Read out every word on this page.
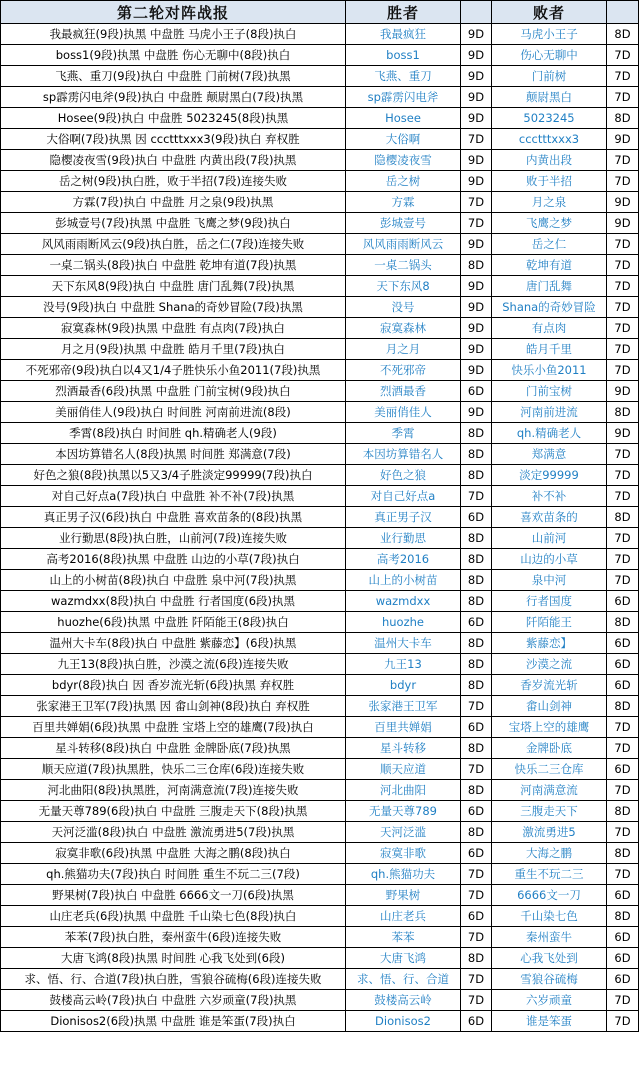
第二轮对阵战报	胜者		败者	
我最疯狂(9段)执黑 中盘胜 马虎小王子(8段)执白	我最疯狂	9D	马虎小王子	8D
boss1(9段)执黑 中盘胜 伤心无聊中(8段)执白	boss1	9D	伤心无聊中	7D
飞燕、重刀(9段)执白 中盘胜 门前树(7段)执黑	飞燕、重刀	9D	门前树	7D
sp霹雳闪电斧(9段)执白 中盘胜 颠尉黑白(7段)执黑	sp霹雳闪电斧	9D	颠尉黑白	7D
Hosee(9段)执白 中盘胜 5023245(8段)执黑	Hosee	9D	5023245	8D
大俗啊(7段)执黑 因 ccctttxxx3(9段)执白 弃权胜	大俗啊	7D	ccctttxxx3	9D
隐樱凌夜雪(9段)执白 中盘胜 内黄出段(7段)执黑	隐樱凌夜雪	9D	内黄出段	7D
岳之树(9段)执白胜，败于半招(7段)连接失败	岳之树	9D	败于半招	7D
方霖(7段)执白 中盘胜 月之泉(9段)执黑	方霖	7D	月之泉	9D
彭城壹号(7段)执黑 中盘胜 飞鹰之梦(9段)执白	彭城壹号	7D	飞鹰之梦	9D
风风雨雨断风云(9段)执白胜，岳之仁(7段)连接失败	风风雨雨断风云	9D	岳之仁	7D
一桌二锅头(8段)执白 中盘胜 乾坤有道(7段)执黑	一桌二锅头	8D	乾坤有道	7D
天下东风8(9段)执白 中盘胜 唐门乱舞(7段)执黑	天下东风8	9D	唐门乱舞	7D
没号(9段)执白 中盘胜 Shana的奇妙冒险(7段)执黑	没号	9D	Shana的奇妙冒险	7D
寂寞森林(9段)执黑 中盘胜 有点肉(7段)执白	寂寞森林	9D	有点肉	7D
月之月(9段)执黑 中盘胜 皓月千里(7段)执白	月之月	9D	皓月千里	7D
不死邪帝(9段)执白以4又1/4子胜快乐小鱼2011(7段)执黑	不死邪帝	9D	快乐小鱼2011	7D
烈酒最香(6段)执黑 中盘胜 门前宝树(9段)执白	烈酒最香	6D	门前宝树	9D
美丽俏佳人(9段)执白 时间胜 河南前进流(8段)	美丽俏佳人	9D	河南前进流	8D
季霄(8段)执白 时间胜 qh.精确老人(9段)	季霄	8D	qh.精确老人	9D
本因坊算错名人(8段)执黑 时间胜 郑满意(7段)	本因坊算错名人	8D	郑满意	7D
好色之狼(8段)执黑以5又3/4子胜淡定99999(7段)执白	好色之狼	8D	淡定99999	7D
对自己好点a(7段)执白 中盘胜 补不补(7段)执黑	对自己好点a	7D	补不补	7D
真正男子汉(6段)执白 中盘胜 喜欢苗条的(8段)执黑	真正男子汉	6D	喜欢苗条的	8D
业行勤思(8段)执白胜，山前河(7段)连接失败	业行勤思	8D	山前河	7D
高考2016(8段)执黑 中盘胜 山边的小草(7段)执白	高考2016	8D	山边的小草	7D
山上的小树苗(8段)执白 中盘胜 泉中河(7段)执黑	山上的小树苗	8D	泉中河	7D
wazmdxx(8段)执白 中盘胜 行者国度(6段)执黑	wazmdxx	8D	行者国度	6D
huozhe(6段)执黑 中盘胜 阡陌能王(8段)执白	huozhe	6D	阡陌能王	8D
温州大卡车(8段)执白 中盘胜 紫藤恋】(6段)执黑	温州大卡车	8D	紫藤恋】	6D
九王13(8段)执白胜，沙漠之流(6段)连接失败	九王13	8D	沙漠之流	6D
bdyr(8段)执白 因 香岁流光斩(6段)执黑 弃权胜	bdyr	8D	香岁流光斩	6D
张家港王卫军(7段)执黑 因 畬山剑神(8段)执白 弃权胜	张家港王卫军	7D	畬山剑神	8D
百里共婵娟(6段)执黑 中盘胜 宝塔上空的雄鹰(7段)执白	百里共婵娟	6D	宝塔上空的雄鹰	7D
星斗转移(8段)执白 中盘胜 金牌卧底(7段)执黑	星斗转移	8D	金牌卧底	7D
顺天应道(7段)执黑胜，快乐二三仓库(6段)连接失败	顺天应道	7D	快乐二三仓库	6D
河北曲阳(8段)执黑胜，河南满意流(7段)连接失败	河北曲阳	8D	河南满意流	7D
无量天尊789(6段)执白 中盘胜 三腹走天下(8段)执黑	无量天尊789	6D	三腹走天下	8D
天河泛滥(8段)执白 中盘胜 激流勇进5(7段)执黑	天河泛滥	8D	激流勇进5	7D
寂寞非歌(6段)执黑 中盘胜 大海之鹏(8段)执白	寂寞非歌	6D	大海之鹏	8D
qh.熊猫功夫(7段)执白 时间胜 重生不玩二三(7段)	qh.熊猫功夫	7D	重生不玩二三	7D
野果树(7段)执白 中盘胜 6666文一刀(6段)执黑	野果树	7D	6666文一刀	6D
山庄老兵(6段)执黑 中盘胜 千山染七色(8段)执白	山庄老兵	6D	千山染七色	8D
苯苯(7段)执白胜，秦州蛮牛(6段)连接失败	苯苯	7D	秦州蛮牛	6D
大唐飞鸿(8段)执黑 时间胜 心我飞处到(6段)	大唐飞鸿	8D	心我飞处到	6D
求、悟、行、合道(7段)执白胜，雪狼谷硫梅(6段)连接失败	求、悟、行、合道	7D	雪狼谷硫梅	6D
鼓楼高云岭(7段)执白 中盘胜 六岁顽童(7段)执黑	鼓楼高云岭	7D	六岁顽童	7D
Dionisos2(6段)执黑 中盘胜 谁是笨蛋(7段)执白	Dionisos2	6D	谁是笨蛋	7D
